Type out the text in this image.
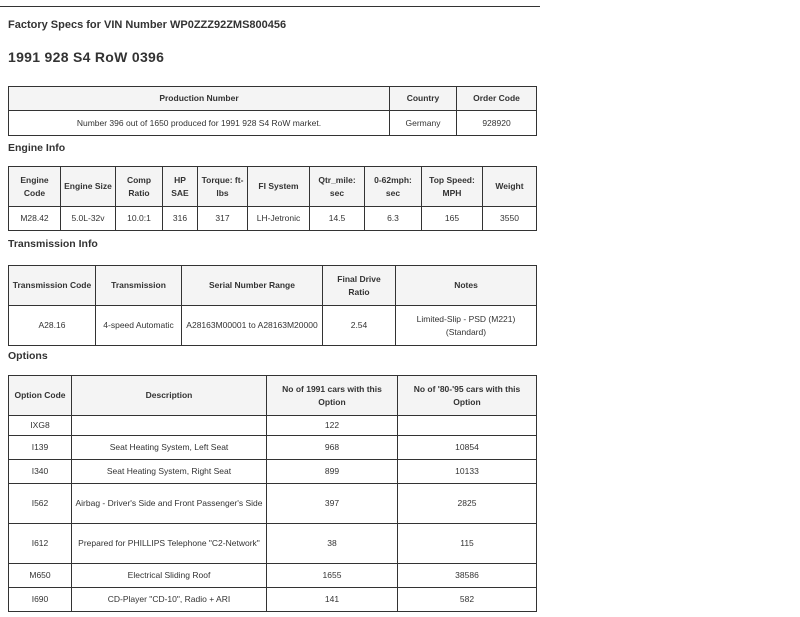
Factory Specs for VIN Number WP0ZZZ92ZMS800456
1991 928 S4 RoW 0396
Production Number	Country	Order Code
Number 396 out of 1650 produced for 1991 928 S4 RoW market.	Germany	928920
Engine Info
Engine Code	Engine Size	Comp Ratio	HP SAE	Torque: ft-lbs	FI System	Qtr_mile: sec	0-62mph: sec	Top Speed: MPH	Weight
M28.42	5.0L-32v	10.0:1	316	317	LH-Jetronic	14.5	6.3	165	3550
Transmission Info
Transmission Code	Transmission	Serial Number Range	Final Drive Ratio	Notes
A28.16	4-speed Automatic	A28163M00001 to A28163M20000	2.54	Limited-Slip - PSD (M221) (Standard)
Options
Option Code	Description	No of 1991 cars with this Option	No of '80-'95 cars with this Option
IXG8		122	
I139	Seat Heating System, Left Seat	968	10854
I340	Seat Heating System, Right Seat	899	10133
I562	Airbag - Driver's Side and Front Passenger's Side	397	2825
I612	Prepared for PHILLIPS Telephone "C2-Network"	38	115
M650	Electrical Sliding Roof	1655	38586
I690	CD-Player "CD-10", Radio + ARI	141	582
